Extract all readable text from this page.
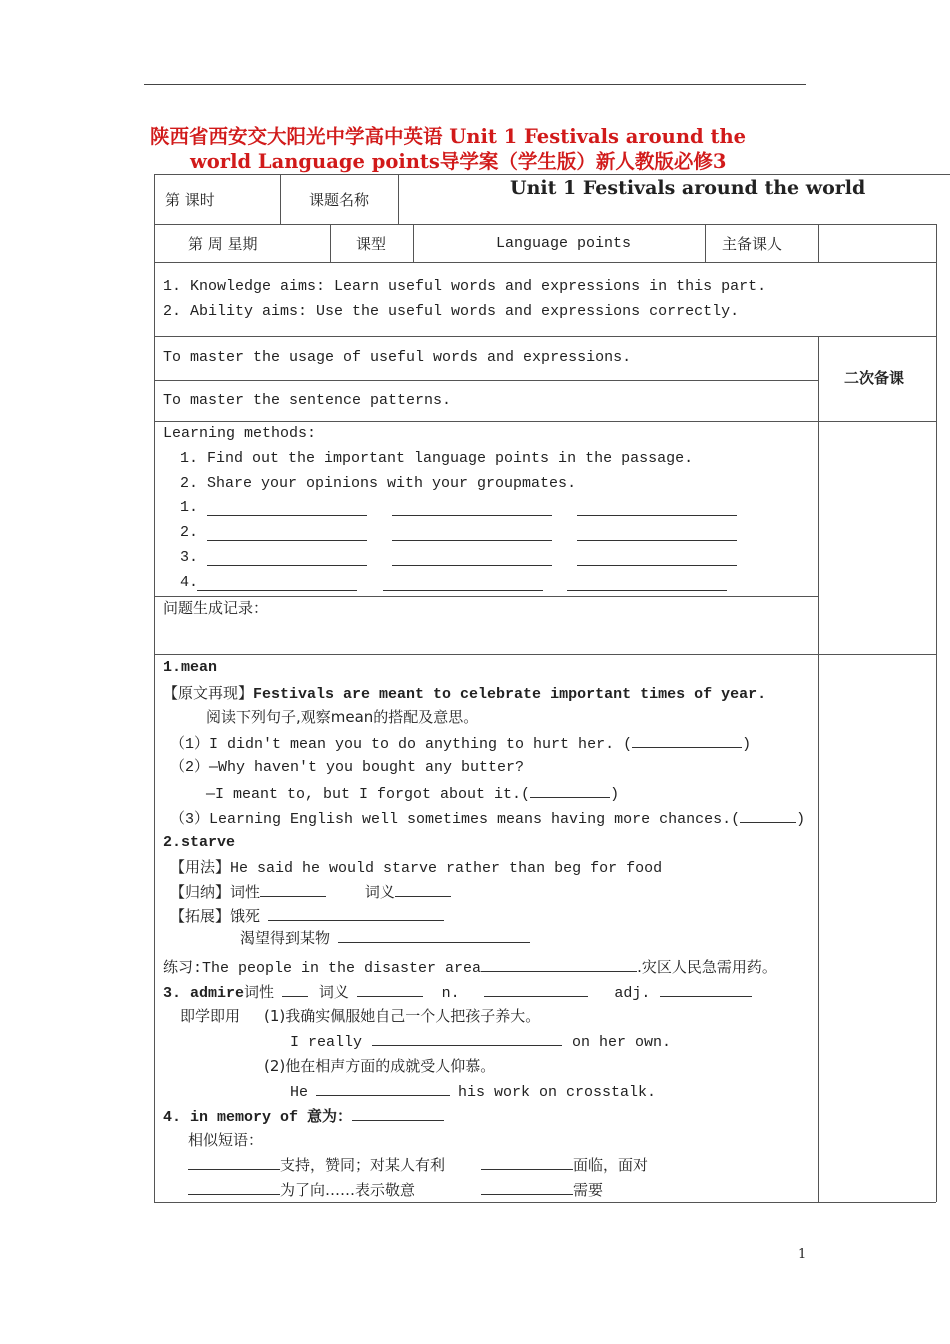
陕西省西安交大阳光中学高中英语 Unit 1 Festivals around the
world Language points导学案（学生版）新人教版必修3
第 课时	课题名称
Unit 1 Festivals around the world
第 周 星期	课型	Language points	主备课人
1. Knowledge aims: Learn useful words and expressions in this part.
2. Ability aims: Use the useful words and expressions correctly.
To master the usage of useful words and expressions.
To master the sentence patterns.
二次备课
Learning methods:
1. Find out the important language points in the passage.
2. Share your opinions with your groupmates.
1.
2.
3.
4.
问题生成记录：
1.mean
【原文再现】Festivals are meant to celebrate important times of year.
阅读下列句子,观察mean的搭配及意思。
（1）I didn't mean you to do anything to hurt her. (	)
（2）—Why haven't you bought any butter?
—I meant to, but I forgot about it.(	)
（3）Learning English well sometimes means having more chances.(	)
2.starve
【用法】He said he would starve rather than beg for food
【归纳】词性	词义
【拓展】饿死
渴望得到某物
练习:The people in the disaster area	.灾区人民急需用药。
3. admire词性	词义	n.	adj.
即学即用 (1)我确实佩服她自己一个人把孩子养大。
I really	on her own.
(2)他在相声方面的成就受人仰慕。
He	his work on crosstalk.
4. in memory of 意为：
相似短语：
支持，赞同；对某人有利	面临，面对
为了向……表示敬意	需要
1
